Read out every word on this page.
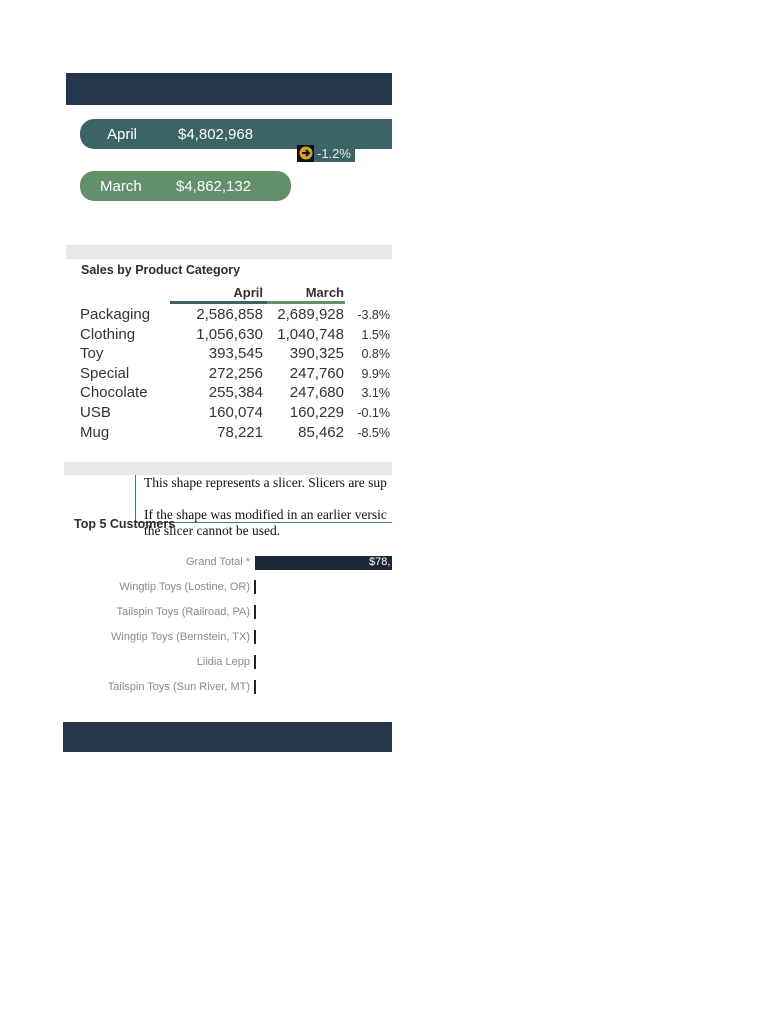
April	$4,802,968
-1.2%
March $4,862,132
Sales by Product Category
April	March
Packaging	2,586,858 2,689,928	-3.8%
Clothing	1,056,630 1,040,748	1.5%
Toy	393,545	390,325	0.8%
Special	272,256	247,760	9.9%
Chocolate	255,384	247,680	3.1%
USB	160,074	160,229	-0.1%
Mug	78,221	85,462	-8.5%
This shape represents a slicer. Slicers are sup
If the shape was modified in an earlier versic
the slicer cannot be used.
Top 5 Customers
Grand Total *	$78,
Wingtip Toys (Lostine, OR)
Tailspin Toys (Railroad, PA)
Wingtip Toys (Bernstein, TX)
Liidia Lepp
Tailspin Toys (Sun River, MT)
